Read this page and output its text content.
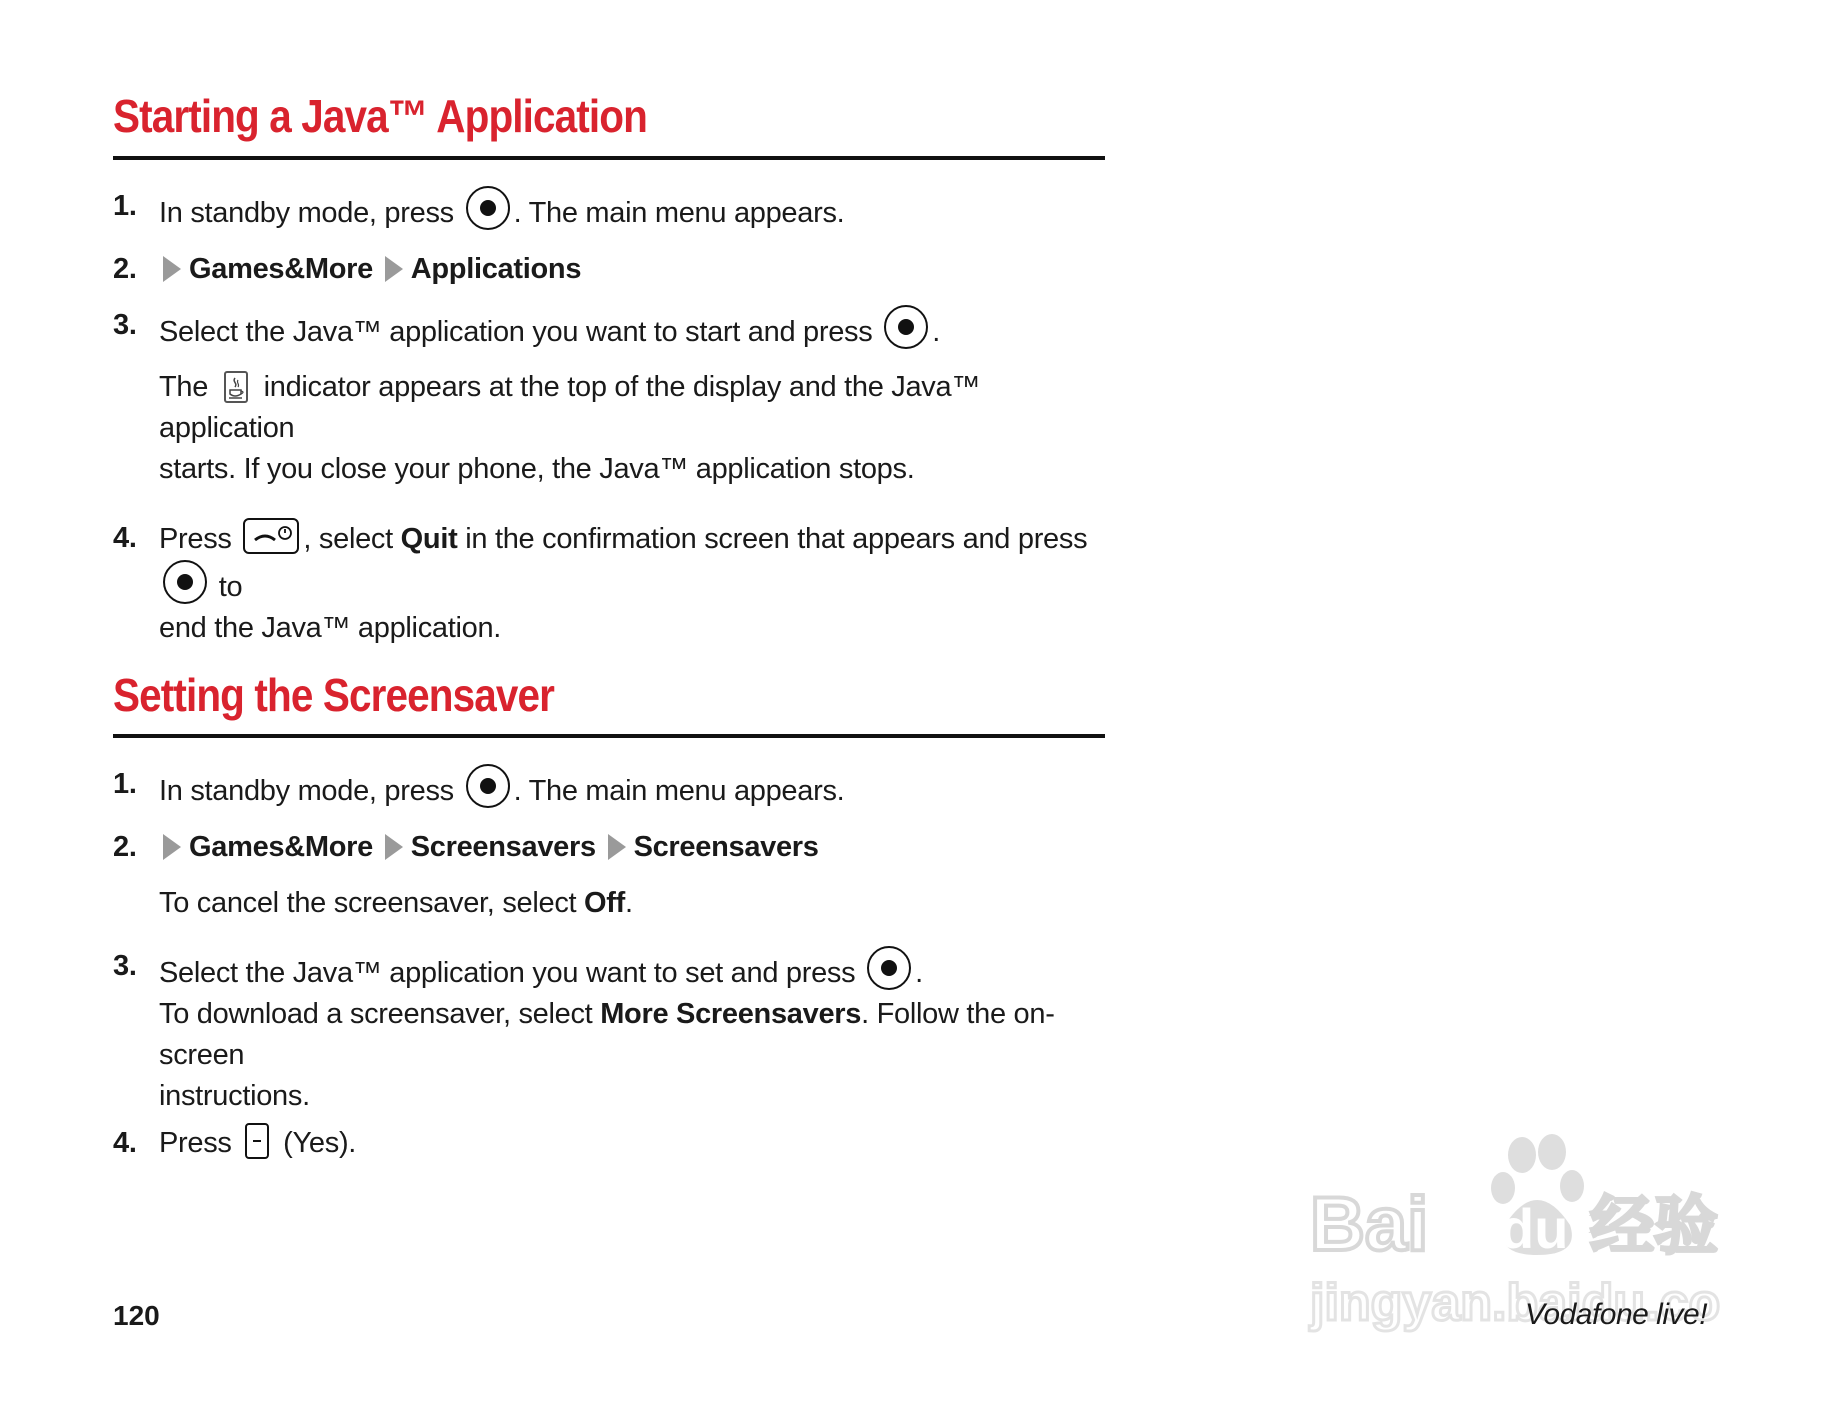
Starting a Java™ Application
1. In standby mode, press . The main menu appears.
2. Games&More Applications
3. Select the Java™ application you want to start and press .
The indicator appears at the top of the display and the Java™ application
starts. If you close your phone, the Java™ application stops.
4. Press , select Quit in the confirmation screen that appears and press  to
end the Java™ application.
Setting the Screensaver
1. In standby mode, press . The main menu appears.
2. Games&More Screensavers Screensavers
To cancel the screensaver, select Off.
3. Select the Java™ application you want to set and press .
To download a screensaver, select More Screensavers. Follow the on-screen
instructions.
4. Press (Yes).
Bai du 经验
jingyan.baidu.co
120	Vodafone live!
